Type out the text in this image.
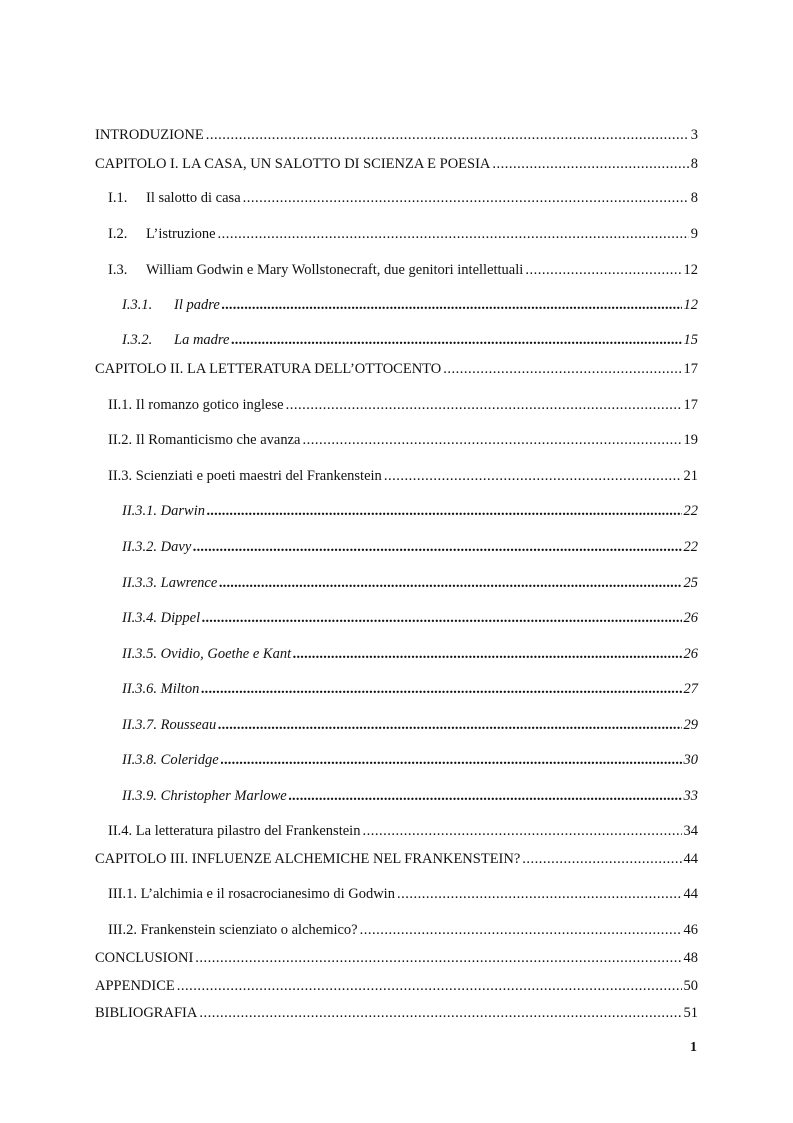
INTRODUZIONE .....	3
CAPITOLO I. LA CASA, UN SALOTTO DI SCIENZA E POESIA .....	8
I.1.	Il salotto di casa .....	8
I.2.	L’istruzione .....	9
I.3.	William Godwin e Mary Wollstonecraft, due genitori intellettuali .....	12
I.3.1.	Il padre .....	12
I.3.2.	La madre .....	15
CAPITOLO II. LA LETTERATURA DELL’OTTOCENTO .....	17
II.1. Il romanzo gotico inglese .....	17
II.2. Il Romanticismo che avanza .....	19
II.3. Scienziati e poeti maestri del Frankenstein .....	21
II.3.1. Darwin .....	22
II.3.2. Davy .....	22
II.3.3. Lawrence .....	25
II.3.4. Dippel .....	26
II.3.5. Ovidio, Goethe e Kant .....	26
II.3.6. Milton .....	27
II.3.7. Rousseau .....	29
II.3.8. Coleridge .....	30
II.3.9. Christopher Marlowe .....	33
II.4. La letteratura pilastro del Frankenstein .....	34
CAPITOLO III. INFLUENZE ALCHEMICHE NEL FRANKENSTEIN? .....	44
III.1. L’alchimia e il rosacrocianesimo di Godwin .....	44
III.2. Frankenstein scienziato o alchemico? .....	46
CONCLUSIONI .....	48
APPENDICE .....	50
BIBLIOGRAFIA .....	51
1
